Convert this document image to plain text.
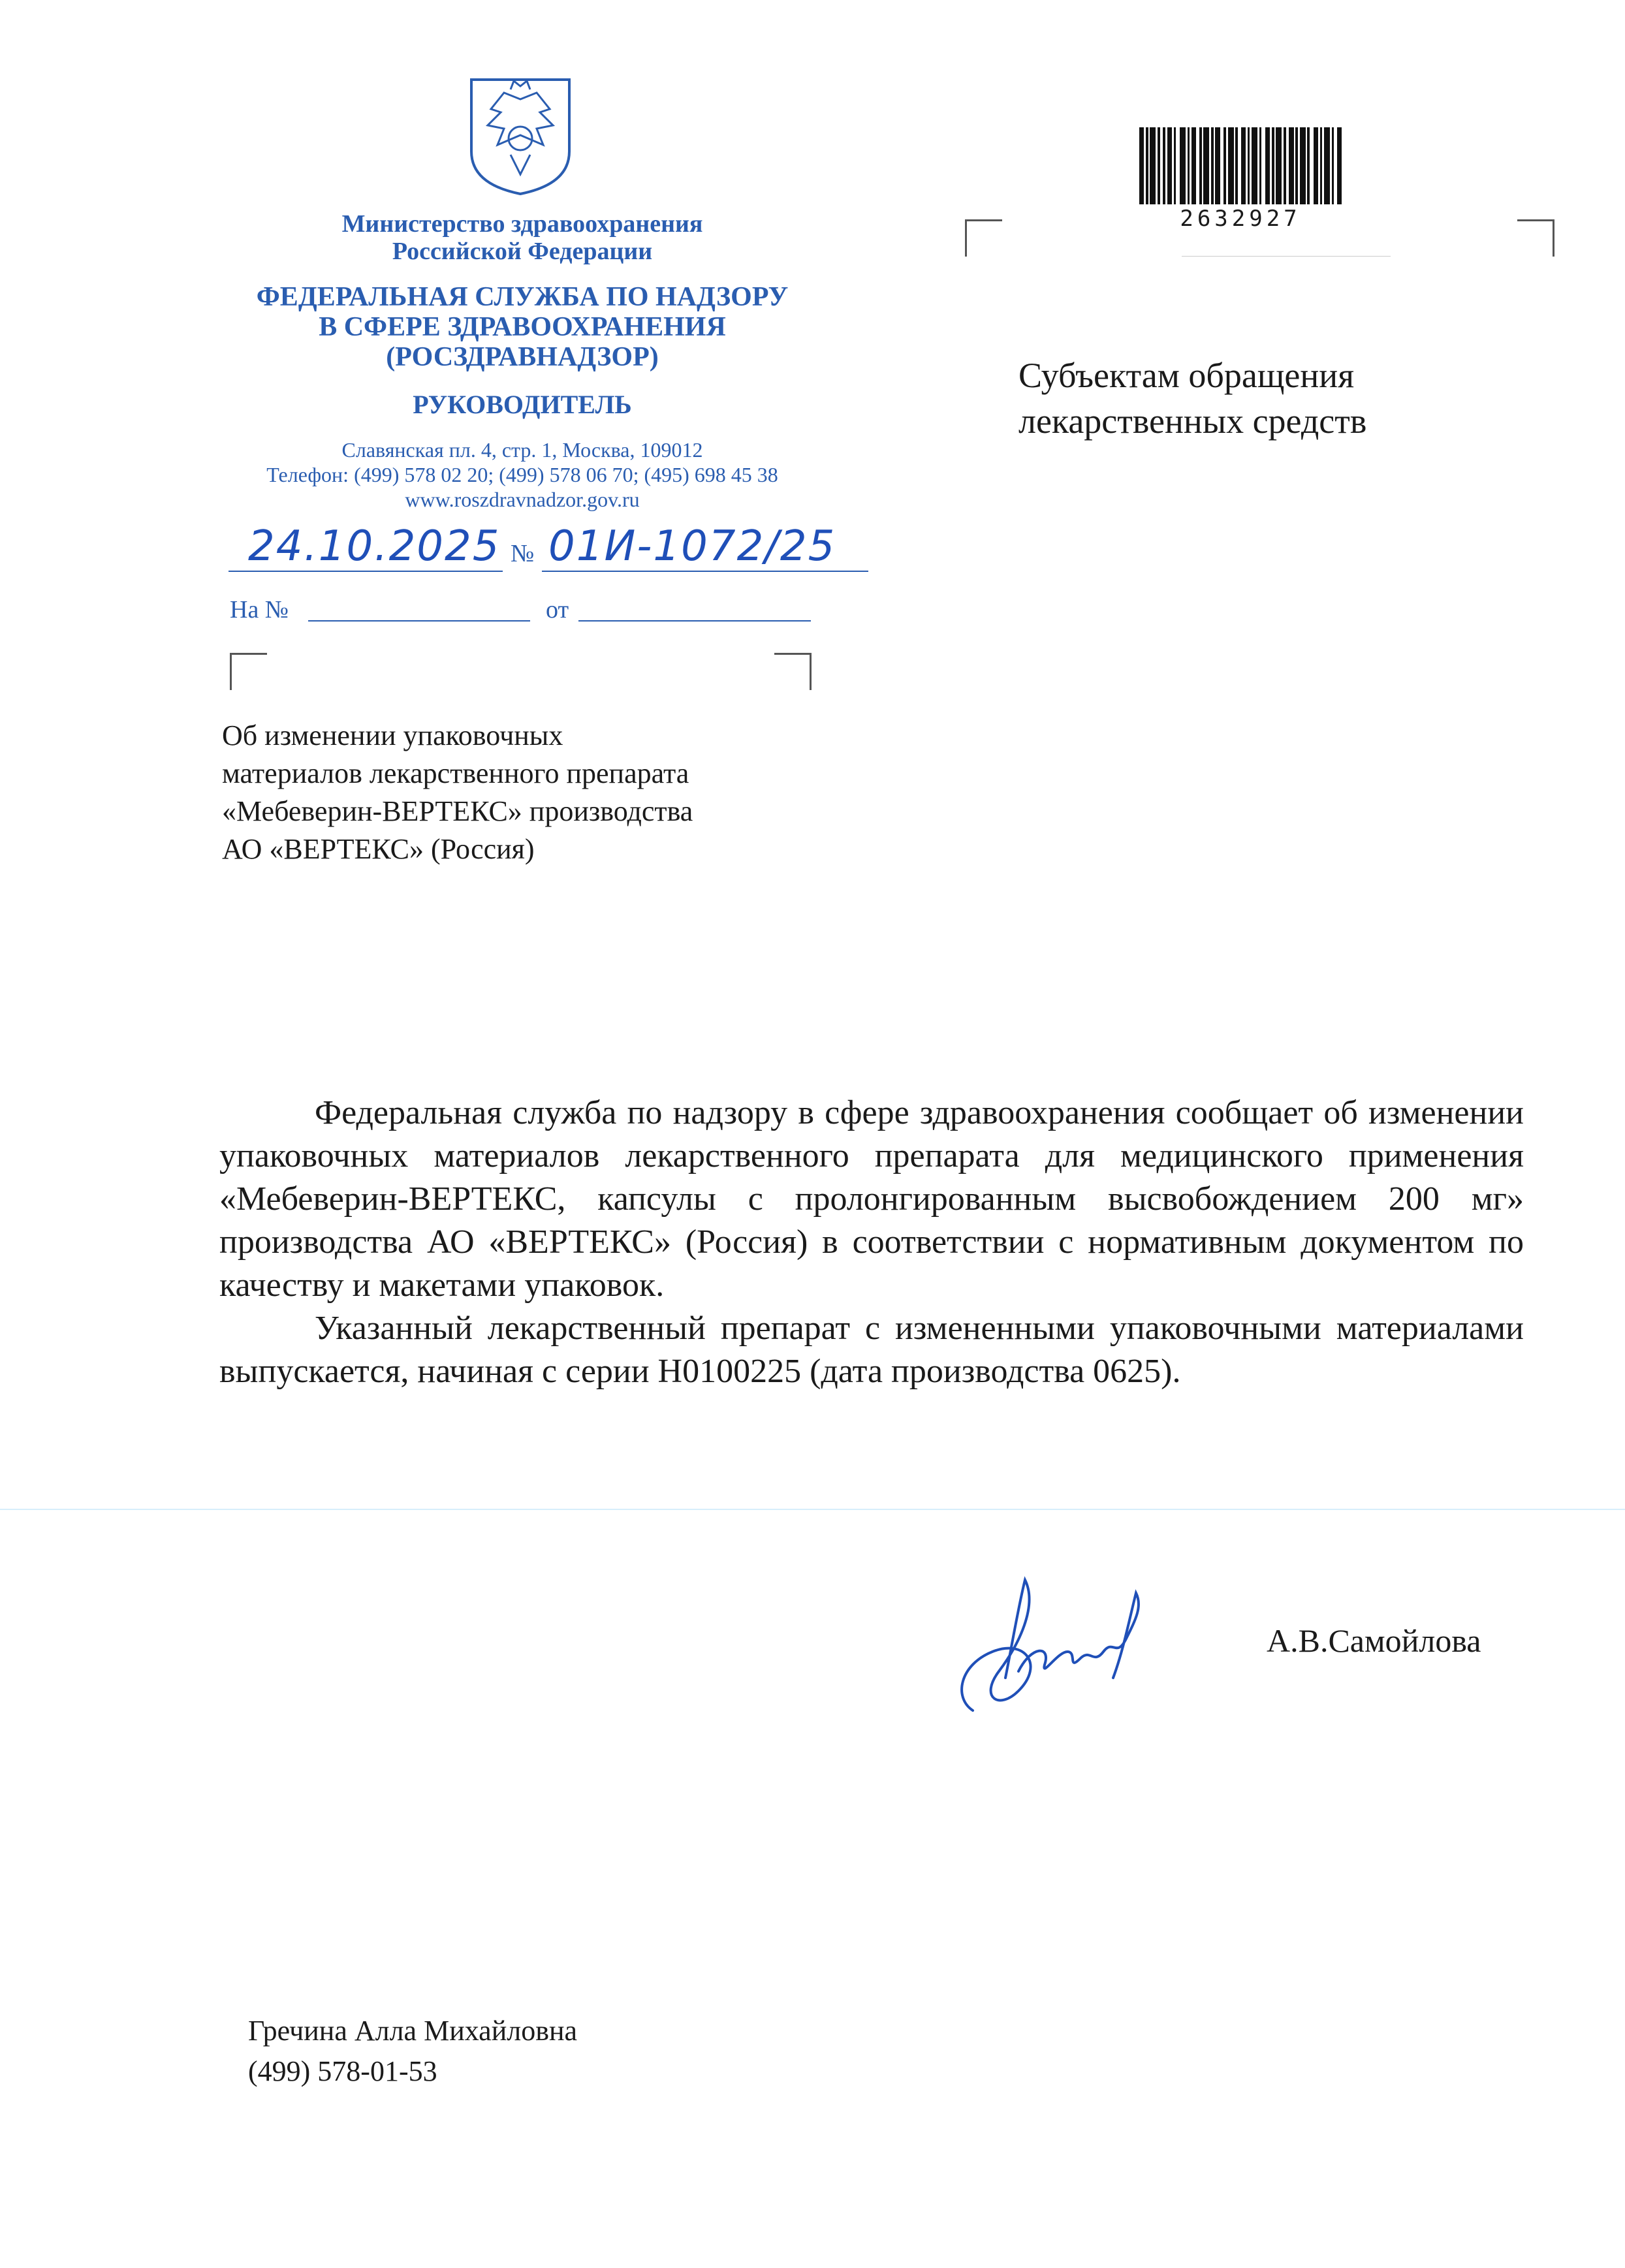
Министерство здравоохранения
Российской Федерации
ФЕДЕРАЛЬНАЯ СЛУЖБА ПО НАДЗОРУ
В СФЕРЕ ЗДРАВООХРАНЕНИЯ
(РОСЗДРАВНАДЗОР)
РУКОВОДИТЕЛЬ
Славянская пл. 4, стр. 1, Москва, 109012
Телефон: (499) 578 02 20; (499) 578 06 70; (495) 698 45 38
www.roszdravnadzor.gov.ru
24.10.2025 № 01И-1072/25
На №	от
2632927
Субъектам обращения
лекарственных средств
Об изменении упаковочных
материалов лекарственного препарата
«Мебеверин-ВЕРТЕКС» производства
АО «ВЕРТЕКС» (Россия)

Федеральная служба по надзору в сфере здравоохранения сообщает об изменении упаковочных материалов лекарственного препарата для медицинского применения «Мебеверин-ВЕРТЕКС, капсулы с пролонгированным высвобождением 200 мг» производства АО «ВЕРТЕКС» (Россия) в соответствии с нормативным документом по качеству и макетами упаковок.

Указанный лекарственный препарат с измененными упаковочными материалами выпускается, начиная с серии Н0100225 (дата производства 0625).

А.В.Самойлова
Гречина Алла Михайловна
(499) 578-01-53
